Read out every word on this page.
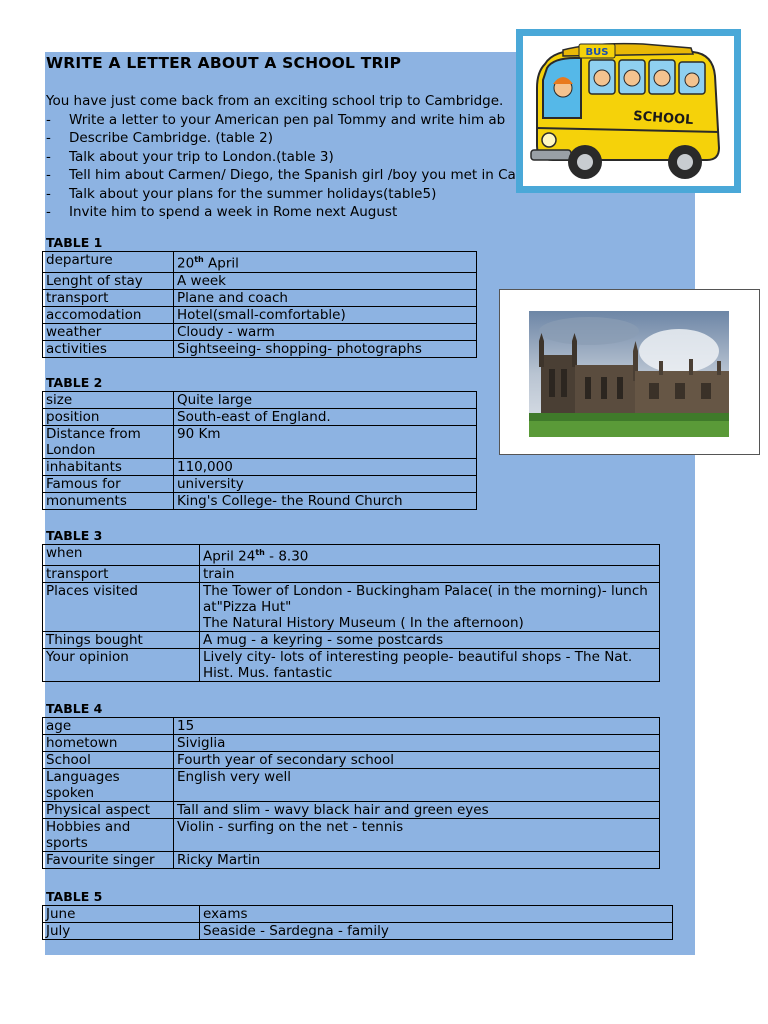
WRITE A LETTER ABOUT A SCHOOL TRIP
You have just come back from an exciting school trip to Cambridge.
- Write a letter to your American pen pal Tommy and write him ab
- Describe Cambridge. (table 2)
- Talk about your trip to London.(table 3)
- Tell him about Carmen/ Diego, the Spanish girl /boy you met in Ca
- Talk about your plans for the summer holidays(table5)
- Invite him to spend a week in Rome next August
TABLE 1
departure	20th April
Lenght of stay	A week
transport	Plane and coach
accomodation	Hotel(small-comfortable)
weather	Cloudy - warm
activities	Sightseeing- shopping- photographs
TABLE 2
size	Quite large
position	South-east of England.
Distance from London	90 Km
inhabitants	110,000
Famous for	university
monuments	King's College- the Round Church
TABLE 3
when	April 24th - 8.30
transport	train
Places visited	The Tower of London - Buckingham Palace( in the morning)- lunch at"Pizza Hut"
The Natural History Museum ( In the afternoon)
Things bought	A mug - a keyring - some postcards
Your opinion	Lively city- lots of interesting people- beautiful shops - The Nat. Hist. Mus. fantastic
TABLE 4
age	15
hometown	Siviglia
School	Fourth year of secondary school
Languages spoken	English very well
Physical aspect	Tall and slim - wavy black hair and green eyes
Hobbies and sports	Violin - surfing on the net - tennis
Favourite singer	Ricky Martin
TABLE 5
June	exams
July	Seaside - Sardegna - family
BUS
SCHOOL
